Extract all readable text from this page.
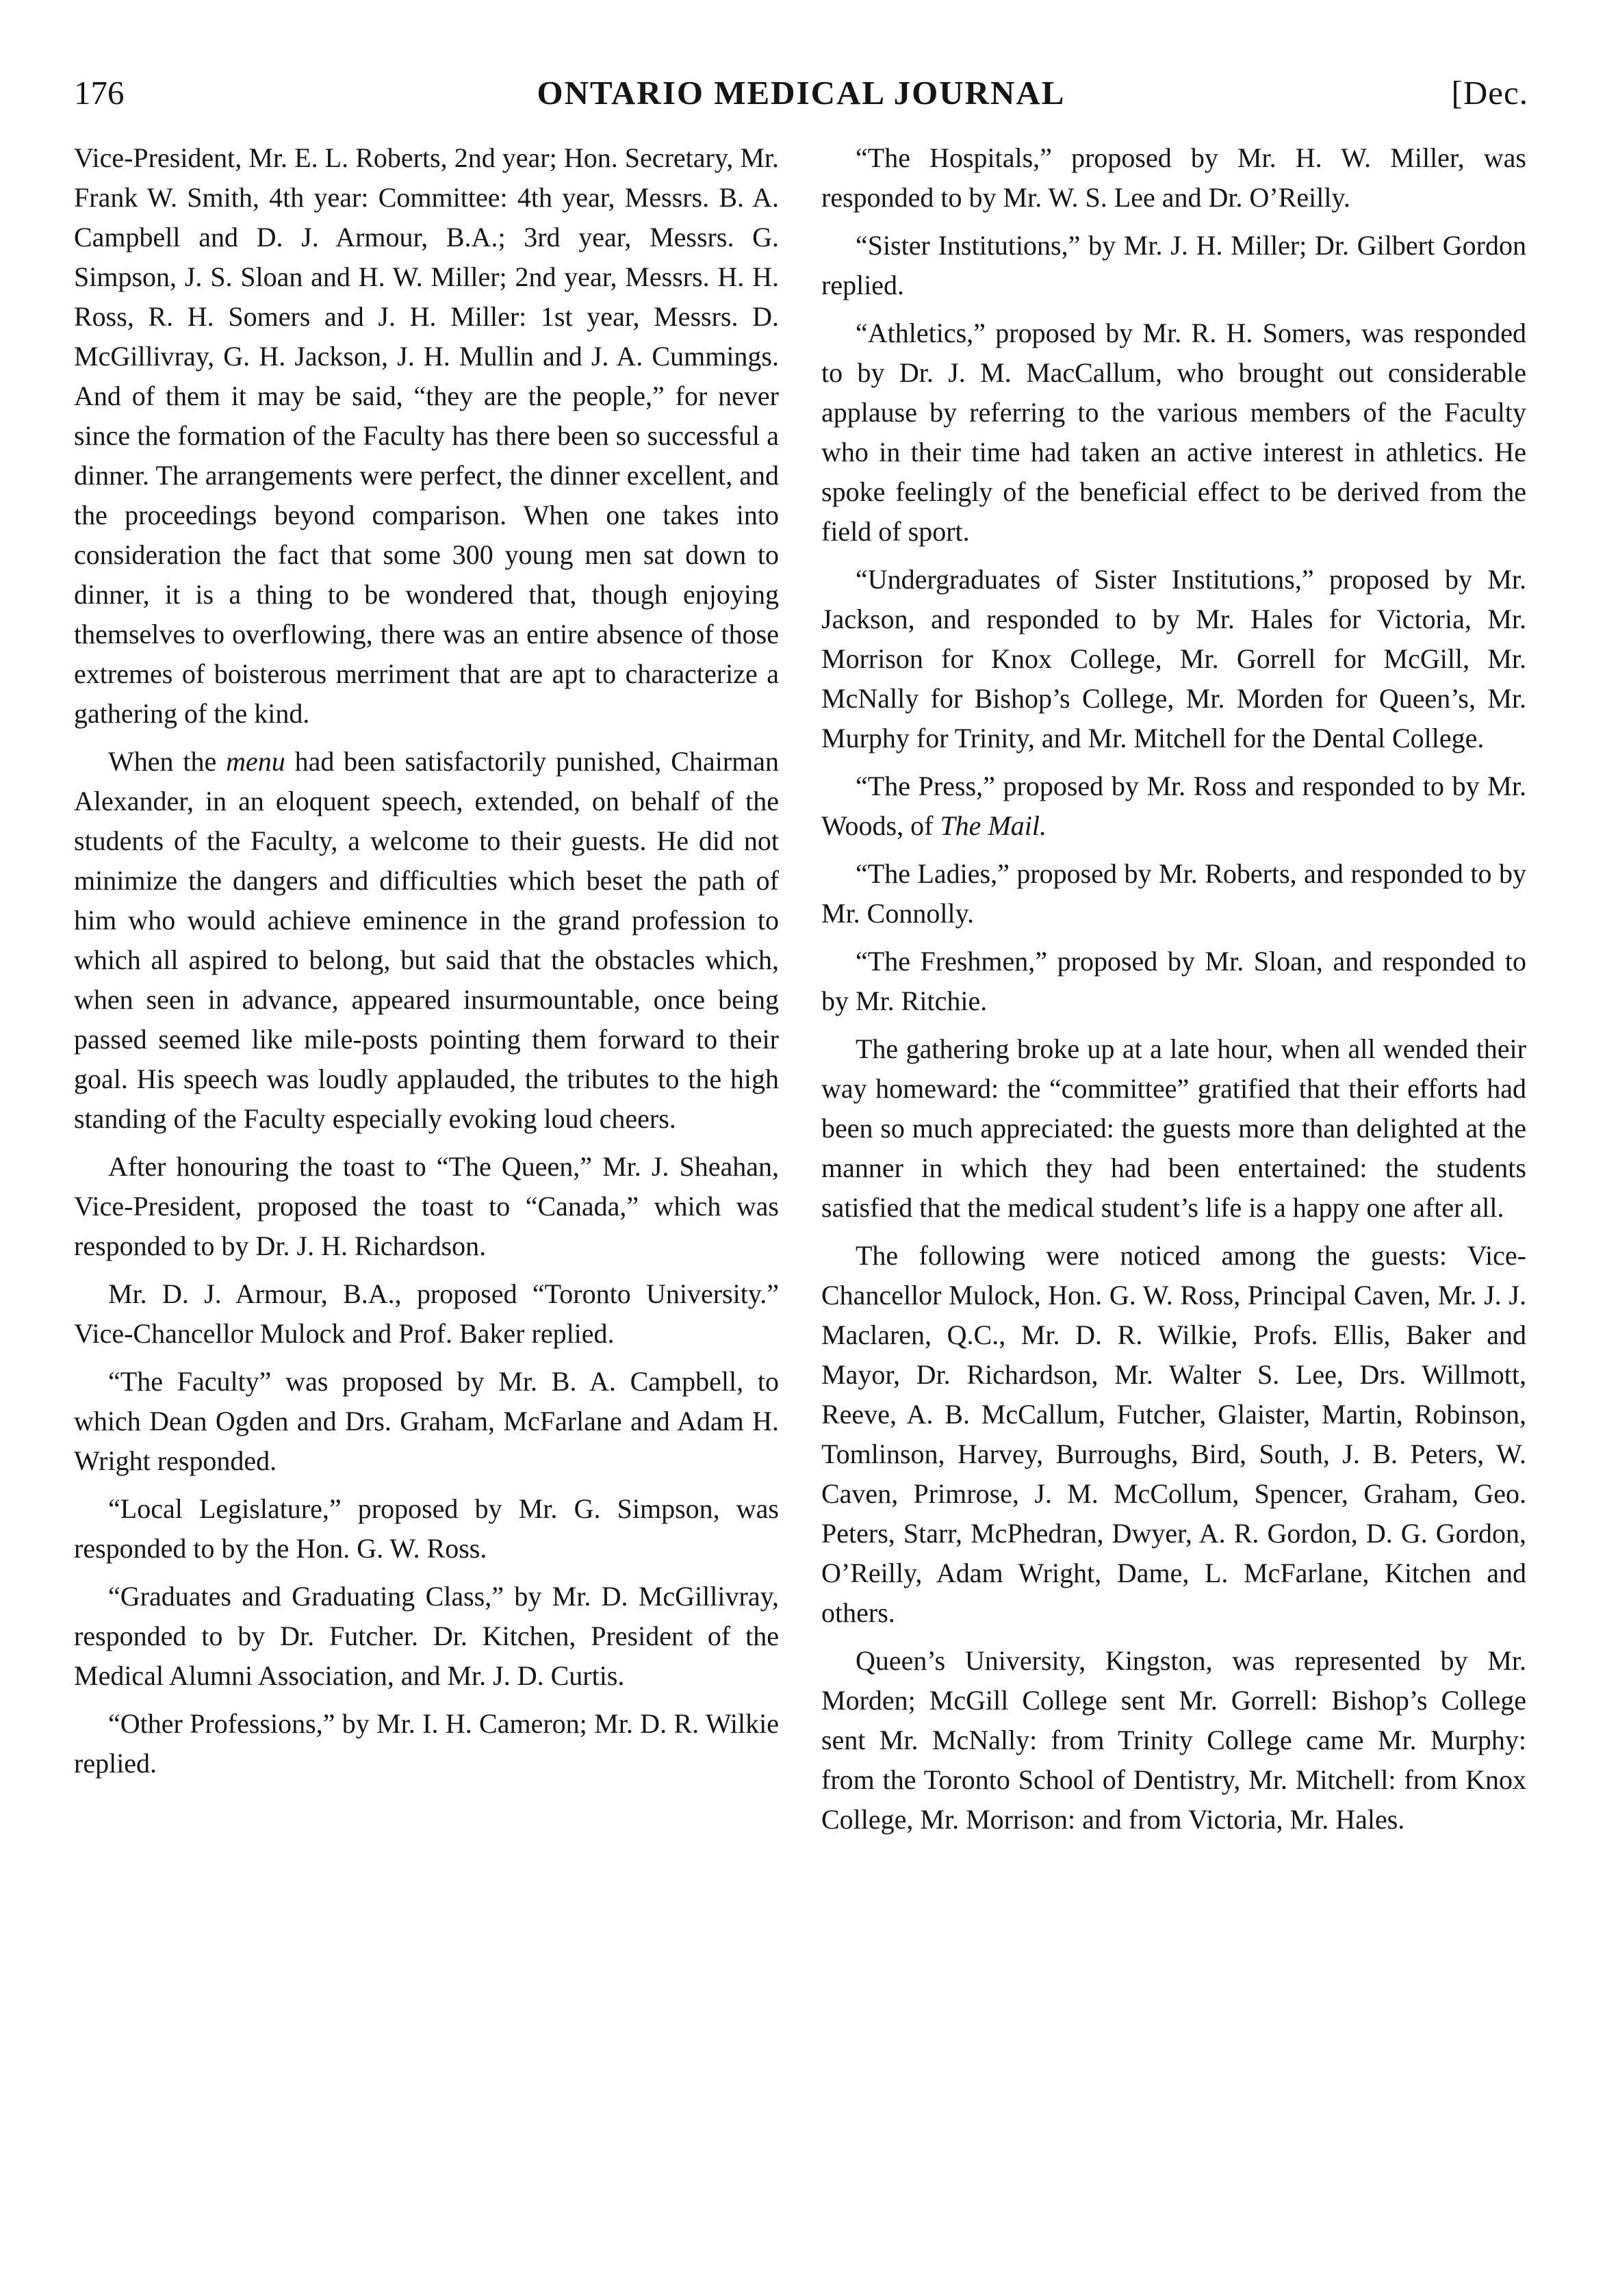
176	ONTARIO MEDICAL JOURNAL	[Dec.

Vice-President, Mr. E. L. Roberts, 2nd year; Hon. Secretary, Mr. Frank W. Smith, 4th year: Committee: 4th year, Messrs. B. A. Campbell and D. J. Armour, B.A.; 3rd year, Messrs. G. Simpson, J. S. Sloan and H. W. Miller; 2nd year, Messrs. H. H. Ross, R. H. Somers and J. H. Miller: 1st year, Messrs. D. McGillivray, G. H. Jackson, J. H. Mullin and J. A. Cummings. And of them it may be said, “they are the people,” for never since the formation of the Faculty has there been so successful a dinner. The arrangements were perfect, the dinner excellent, and the proceedings beyond comparison. When one takes into consideration the fact that some 300 young men sat down to dinner, it is a thing to be wondered that, though enjoying themselves to overflowing, there was an entire absence of those extremes of boisterous merriment that are apt to characterize a gathering of the kind.

When the menu had been satisfactorily punished, Chairman Alexander, in an eloquent speech, extended, on behalf of the students of the Faculty, a welcome to their guests. He did not minimize the dangers and difficulties which beset the path of him who would achieve eminence in the grand profession to which all aspired to belong, but said that the obstacles which, when seen in advance, appeared insurmountable, once being passed seemed like mile-posts pointing them forward to their goal. His speech was loudly applauded, the tributes to the high standing of the Faculty especially evoking loud cheers.

After honouring the toast to “The Queen,” Mr. J. Sheahan, Vice-President, proposed the toast to “Canada,” which was responded to by Dr. J. H. Richardson.

Mr. D. J. Armour, B.A., proposed “Toronto University.” Vice-Chancellor Mulock and Prof. Baker replied.

“The Faculty” was proposed by Mr. B. A. Campbell, to which Dean Ogden and Drs. Graham, McFarlane and Adam H. Wright responded.

“Local Legislature,” proposed by Mr. G. Simpson, was responded to by the Hon. G. W. Ross.

“Graduates and Graduating Class,” by Mr. D. McGillivray, responded to by Dr. Futcher. Dr. Kitchen, President of the Medical Alumni Association, and Mr. J. D. Curtis.

“Other Professions,” by Mr. I. H. Cameron; Mr. D. R. Wilkie replied.

“The Hospitals,” proposed by Mr. H. W. Miller, was responded to by Mr. W. S. Lee and Dr. O’Reilly.

“Sister Institutions,” by Mr. J. H. Miller; Dr. Gilbert Gordon replied.

“Athletics,” proposed by Mr. R. H. Somers, was responded to by Dr. J. M. MacCallum, who brought out considerable applause by referring to the various members of the Faculty who in their time had taken an active interest in athletics. He spoke feelingly of the beneficial effect to be derived from the field of sport.

“Undergraduates of Sister Institutions,” proposed by Mr. Jackson, and responded to by Mr. Hales for Victoria, Mr. Morrison for Knox College, Mr. Gorrell for McGill, Mr. McNally for Bishop’s College, Mr. Morden for Queen’s, Mr. Murphy for Trinity, and Mr. Mitchell for the Dental College.

“The Press,” proposed by Mr. Ross and responded to by Mr. Woods, of The Mail.

“The Ladies,” proposed by Mr. Roberts, and responded to by Mr. Connolly.

“The Freshmen,” proposed by Mr. Sloan, and responded to by Mr. Ritchie.

The gathering broke up at a late hour, when all wended their way homeward: the “committee” gratified that their efforts had been so much appreciated: the guests more than delighted at the manner in which they had been entertained: the students satisfied that the medical student’s life is a happy one after all.

The following were noticed among the guests: Vice-Chancellor Mulock, Hon. G. W. Ross, Principal Caven, Mr. J. J. Maclaren, Q.C., Mr. D. R. Wilkie, Profs. Ellis, Baker and Mayor, Dr. Richardson, Mr. Walter S. Lee, Drs. Willmott, Reeve, A. B. McCallum, Futcher, Glaister, Martin, Robinson, Tomlinson, Harvey, Burroughs, Bird, South, J. B. Peters, W. Caven, Primrose, J. M. McCollum, Spencer, Graham, Geo. Peters, Starr, McPhedran, Dwyer, A. R. Gordon, D. G. Gordon, O’Reilly, Adam Wright, Dame, L. McFarlane, Kitchen and others.

Queen’s University, Kingston, was represented by Mr. Morden; McGill College sent Mr. Gorrell: Bishop’s College sent Mr. McNally: from Trinity College came Mr. Murphy: from the Toronto School of Dentistry, Mr. Mitchell: from Knox College, Mr. Morrison: and from Victoria, Mr. Hales.
